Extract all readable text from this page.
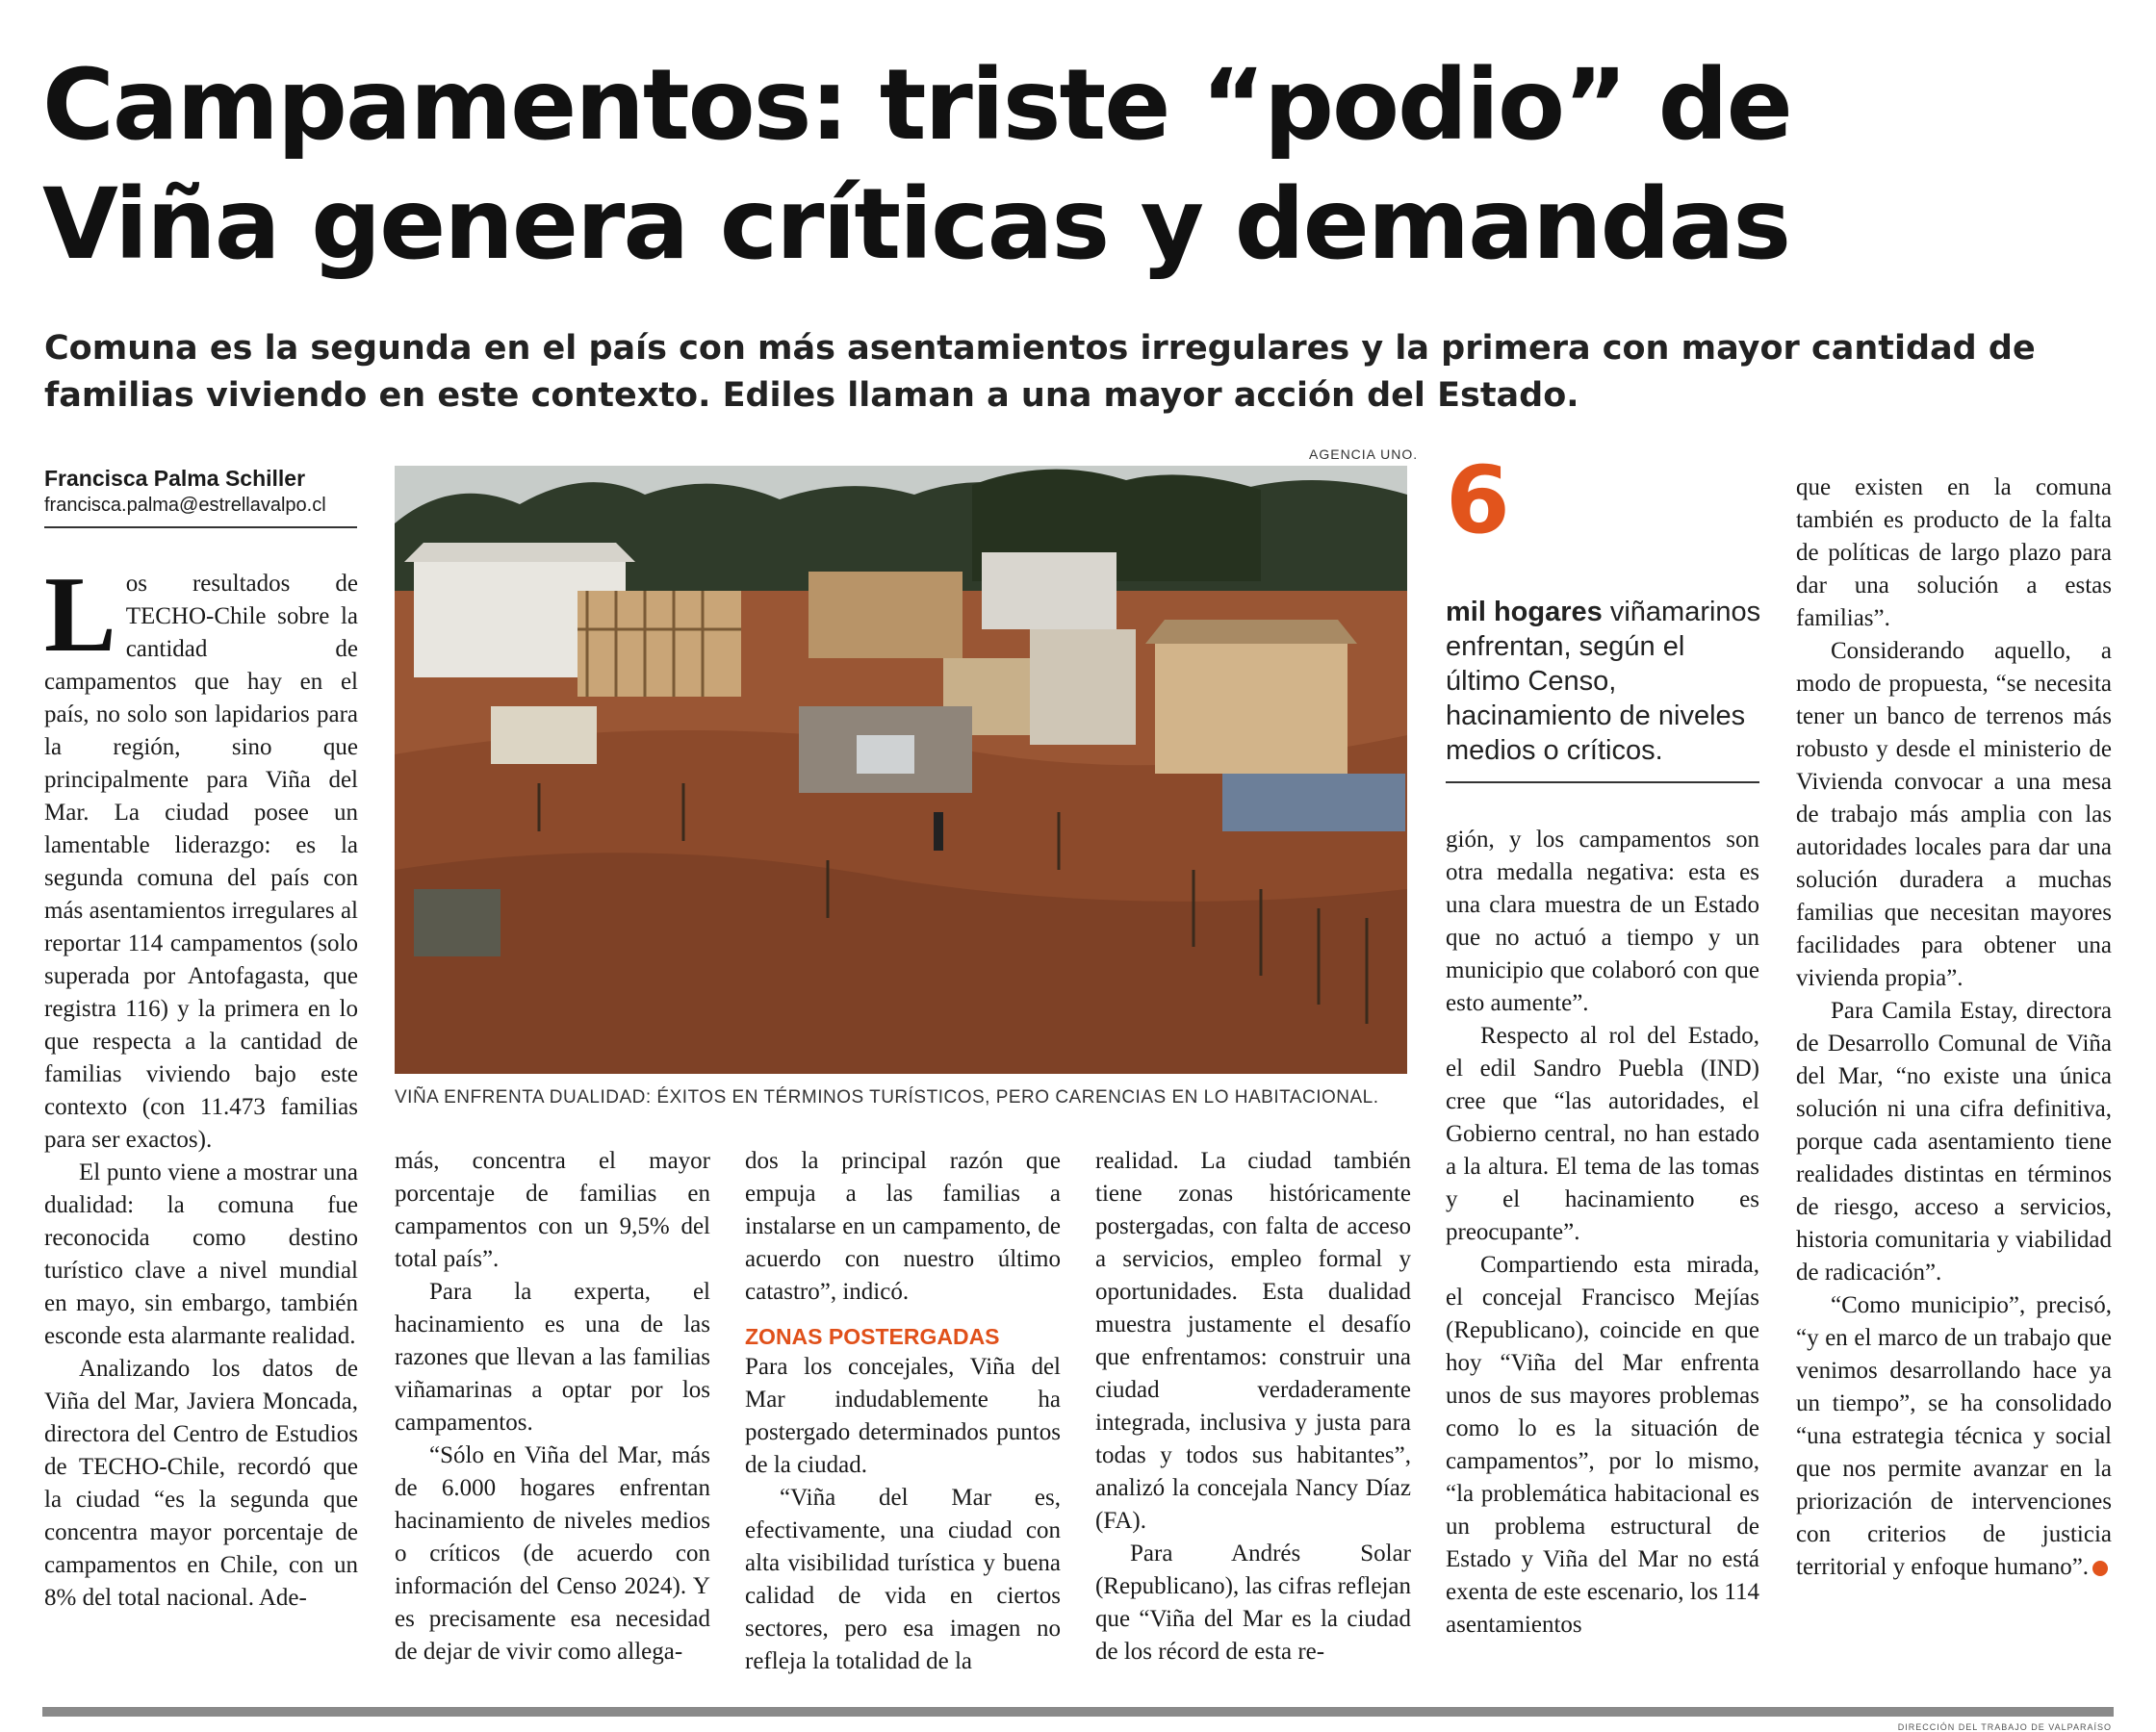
Campamentos: triste “podio” de
Viña genera críticas y demandas
Comuna es la segunda en el país con más asentamientos irregulares y la primera con mayor cantidad de familias viviendo en este contexto. Ediles llaman a una mayor acción del Estado.
Francisca Palma Schiller
francisca.palma@estrellavalpo.cl

Los resultados de TECHO-Chile sobre la cantidad de campamentos que hay en el país, no solo son lapidarios para la región, sino que principalmente para Viña del Mar. La ciudad posee un lamentable liderazgo: es la segunda comuna del país con más asentamientos irregulares al reportar 114 campamentos (solo superada por Antofagasta, que registra 116) y la primera en lo que respecta a la cantidad de familias viviendo bajo este contexto (con 11.473 familias para ser exactos).

El punto viene a mostrar una dualidad: la comuna fue reconocida como destino turístico clave a nivel mundial en mayo, sin embargo, también esconde esta alarmante realidad.

Analizando los datos de Viña del Mar, Javiera Moncada, directora del Centro de Estudios de TECHO-Chile, recordó que la ciudad “es la segunda que concentra mayor porcentaje de campamentos en Chile, con un 8% del total nacional. Ade-

AGENCIA UNO.
VIÑA ENFRENTA DUALIDAD: ÉXITOS EN TÉRMINOS TURÍSTICOS, PERO CARENCIAS EN LO HABITACIONAL.
6
mil hogares viñamarinos enfrentan, según el último Censo, hacinamiento de niveles medios o críticos.

más, concentra el mayor porcentaje de familias en campamentos con un 9,5% del total país”.

Para la experta, el hacinamiento es una de las razones que llevan a las familias viñamarinas a optar por los campamentos.

“Sólo en Viña del Mar, más de 6.000 hogares enfrentan hacinamiento de niveles medios o críticos (de acuerdo con información del Censo 2024). Y es precisamente esa necesidad de dejar de vivir como allega-

dos la principal razón que empuja a las familias a instalarse en un campamento, de acuerdo con nuestro último catastro”, indicó.

ZONAS POSTERGADAS

Para los concejales, Viña del Mar indudablemente ha postergado determinados puntos de la ciudad.

“Viña del Mar es, efectivamente, una ciudad con alta visibilidad turística y buena calidad de vida en ciertos sectores, pero esa imagen no refleja la totalidad de la

realidad. La ciudad también tiene zonas históricamente postergadas, con falta de acceso a servicios, empleo formal y oportunidades. Esta dualidad muestra justamente el desafío que enfrentamos: construir una ciudad verdaderamente integrada, inclusiva y justa para todas y todos sus habitantes”, analizó la concejala Nancy Díaz (FA).

Para Andrés Solar (Republicano), las cifras reflejan que “Viña del Mar es la ciudad de los récord de esta re-

gión, y los campamentos son otra medalla negativa: esta es una clara muestra de un Estado que no actuó a tiempo y un municipio que colaboró con que esto aumente”.

Respecto al rol del Estado, el edil Sandro Puebla (IND) cree que “las autoridades, el Gobierno central, no han estado a la altura. El tema de las tomas y el hacinamiento es preocupante”.

Compartiendo esta mirada, el concejal Francisco Mejías (Republicano), coincide en que hoy “Viña del Mar enfrenta unos de sus mayores problemas como lo es la situación de campamentos”, por lo mismo, “la problemática habitacional es un problema estructural de Estado y Viña del Mar no está exenta de este escenario, los 114 asentamientos

que existen en la comuna también es producto de la falta de políticas de largo plazo para dar una solución a estas familias”.

Considerando aquello, a modo de propuesta, “se necesita tener un banco de terrenos más robusto y desde el ministerio de Vivienda convocar a una mesa de trabajo más amplia con las autoridades locales para dar una solución duradera a muchas familias que necesitan mayores facilidades para obtener una vivienda propia”.

Para Camila Estay, directora de Desarrollo Comunal de Viña del Mar, “no existe una única solución ni una cifra definitiva, porque cada asentamiento tiene realidades distintas en términos de riesgo, acceso a servicios, historia comunitaria y viabilidad de radicación”.

“Como municipio”, precisó, “y en el marco de un trabajo que venimos desarrollando hace ya un tiempo”, se ha consolidado “una estrategia técnica y social que nos permite avanzar en la priorización de intervenciones con criterios de justicia territorial y enfoque humano”.

DIRECCIÓN DEL TRABAJO DE VALPARAÍSO
